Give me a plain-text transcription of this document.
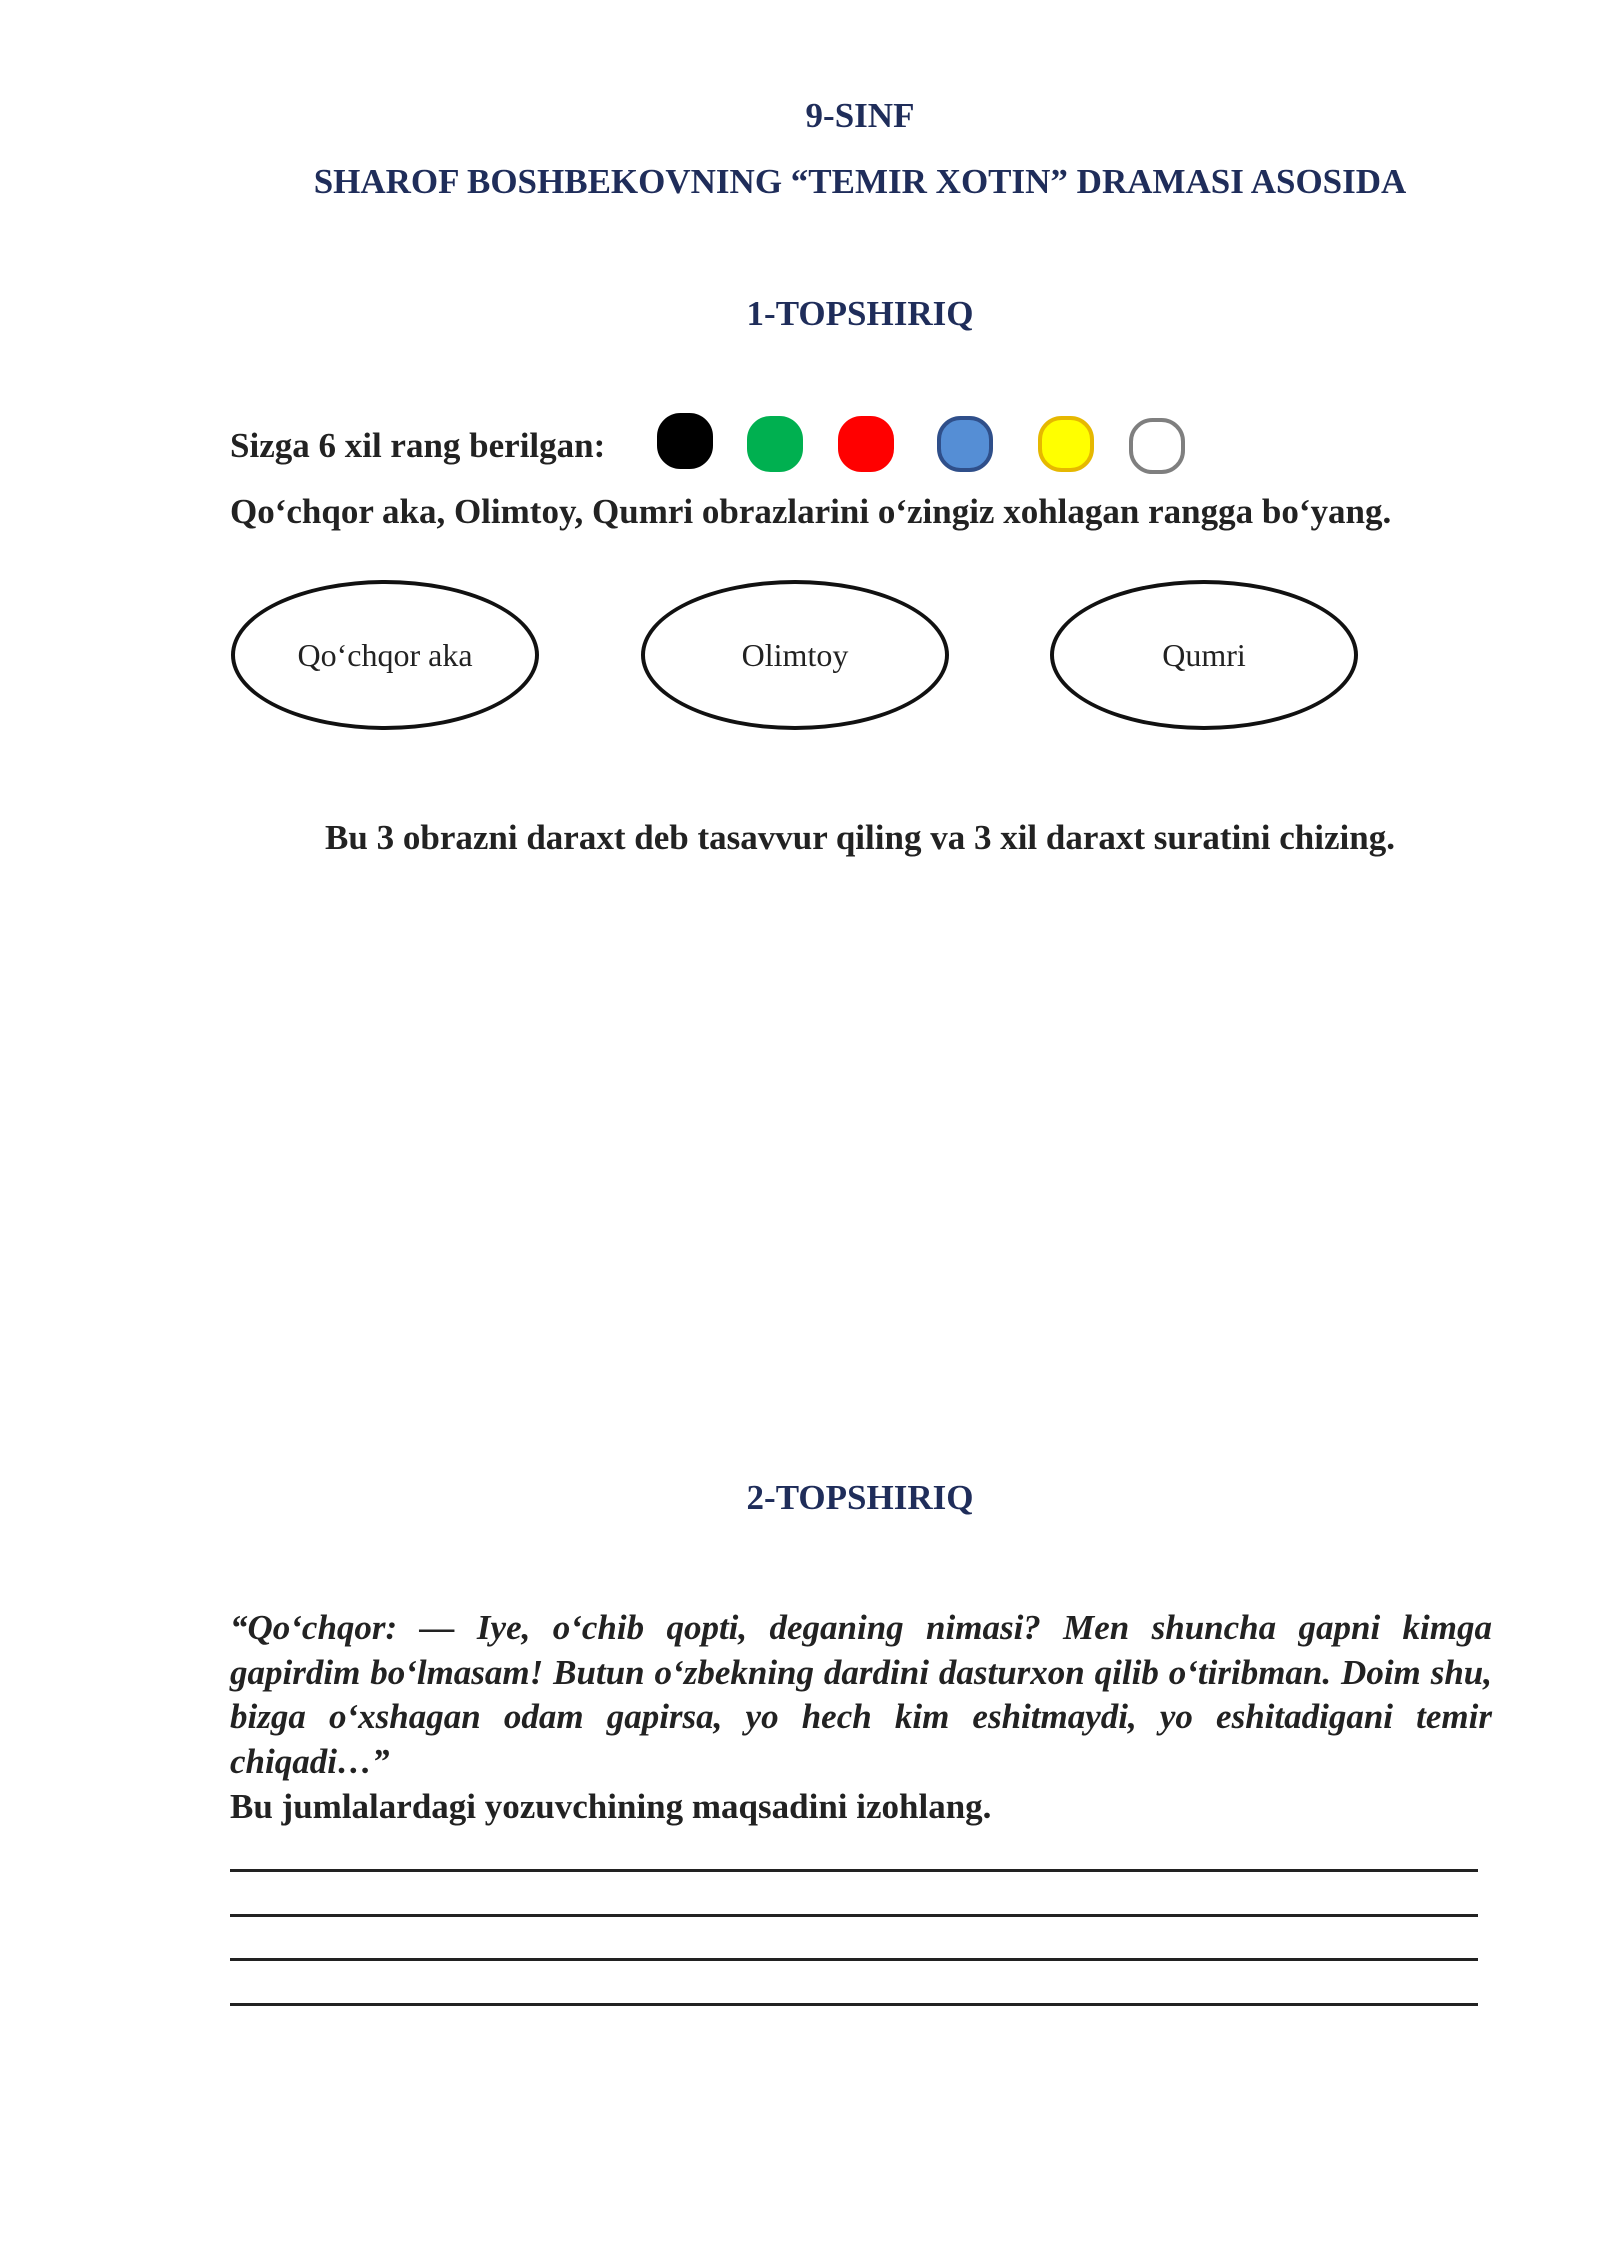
9-SINF
SHAROF BOSHBEKOVNING “TEMIR XOTIN” DRAMASI ASOSIDA
1-TOPSHIRIQ
Sizga 6 xil rang berilgan:
Qo‘chqor aka, Olimtoy, Qumri obrazlarini o‘zingiz xohlagan rangga bo‘yang.
Qo‘chqor aka	Olimtoy	Qumri
Bu 3 obrazni daraxt deb tasavvur qiling va 3 xil daraxt suratini chizing.
2-TOPSHIRIQ
“Qo‘chqor: — Iye, o‘chib qopti, deganing nimasi? Men shuncha gapni kimga gapirdim bo‘lmasam! Butun o‘zbekning dardini dasturxon qilib o‘tiribman. Doim shu, bizga o‘xshagan odam gapirsa, yo hech kim eshitmaydi, yo eshitadigani temir chiqadi…”
Bu jumlalardagi yozuvchining maqsadini izohlang.
